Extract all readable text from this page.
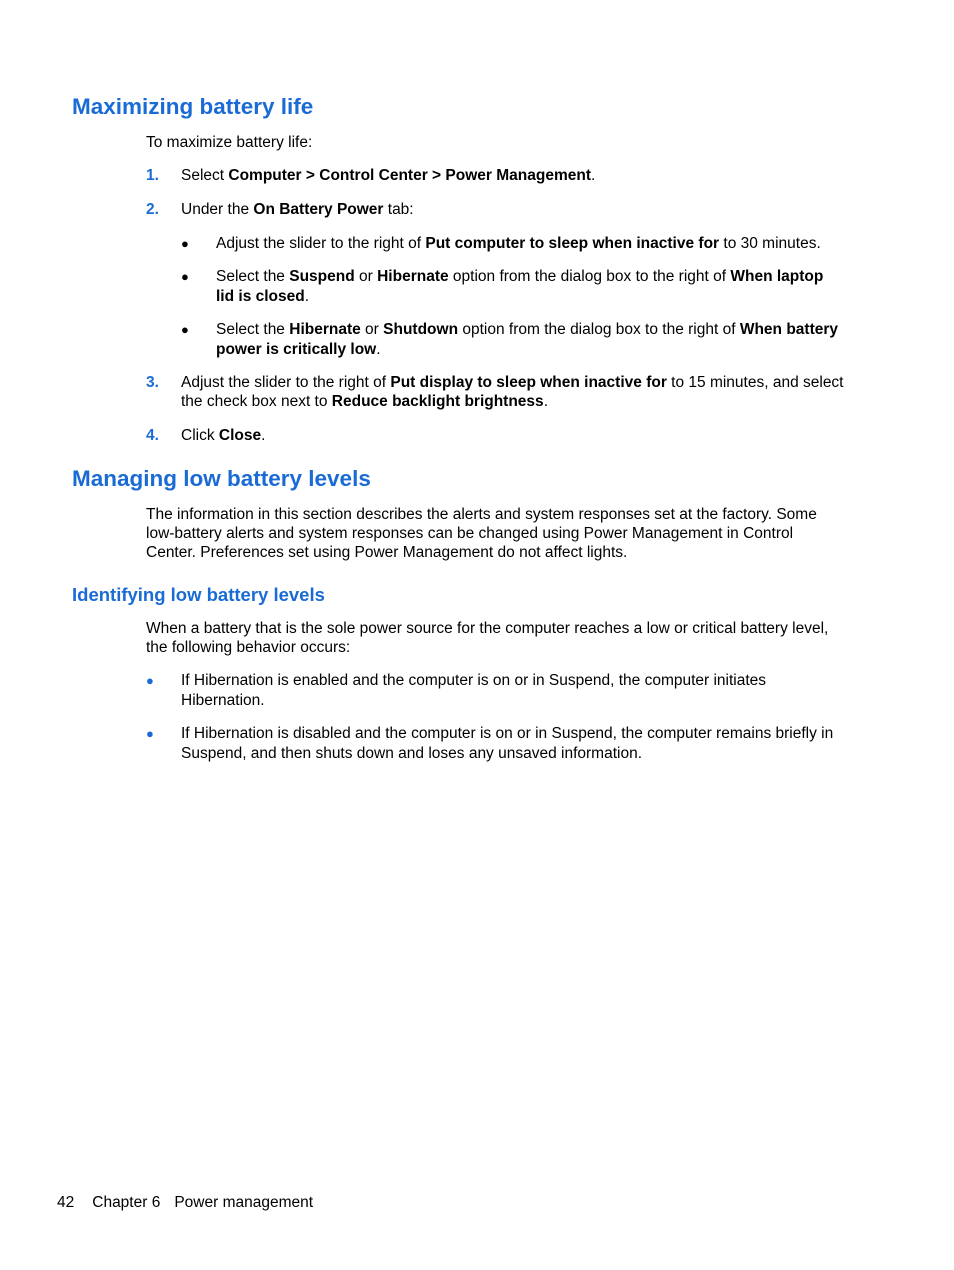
Maximizing battery life

To maximize battery life:

1.	Select Computer > Control Center > Power Management.

2.	Under the On Battery Power tab:

● Adjust the slider to the right of Put computer to sleep when inactive for to 30 minutes.

● Select the Suspend or Hibernate option from the dialog box to the right of When laptop

lid is closed.

● Select the Hibernate or Shutdown option from the dialog box to the right of When battery

power is critically low.

3.	Adjust the slider to the right of Put display to sleep when inactive for to 15 minutes, and select

the check box next to Reduce backlight brightness.

4.	Click Close.

Managing low battery levels

The information in this section describes the alerts and system responses set at the factory. Some

low-battery alerts and system responses can be changed using Power Management in Control

Center. Preferences set using Power Management do not affect lights.

Identifying low battery levels

When a battery that is the sole power source for the computer reaches a low or critical battery level,

the following behavior occurs:

● If Hibernation is enabled and the computer is on or in Suspend, the computer initiates

Hibernation.

● If Hibernation is disabled and the computer is on or in Suspend, the computer remains briefly in

Suspend, and then shuts down and loses any unsaved information.

42 Chapter 6 Power management
